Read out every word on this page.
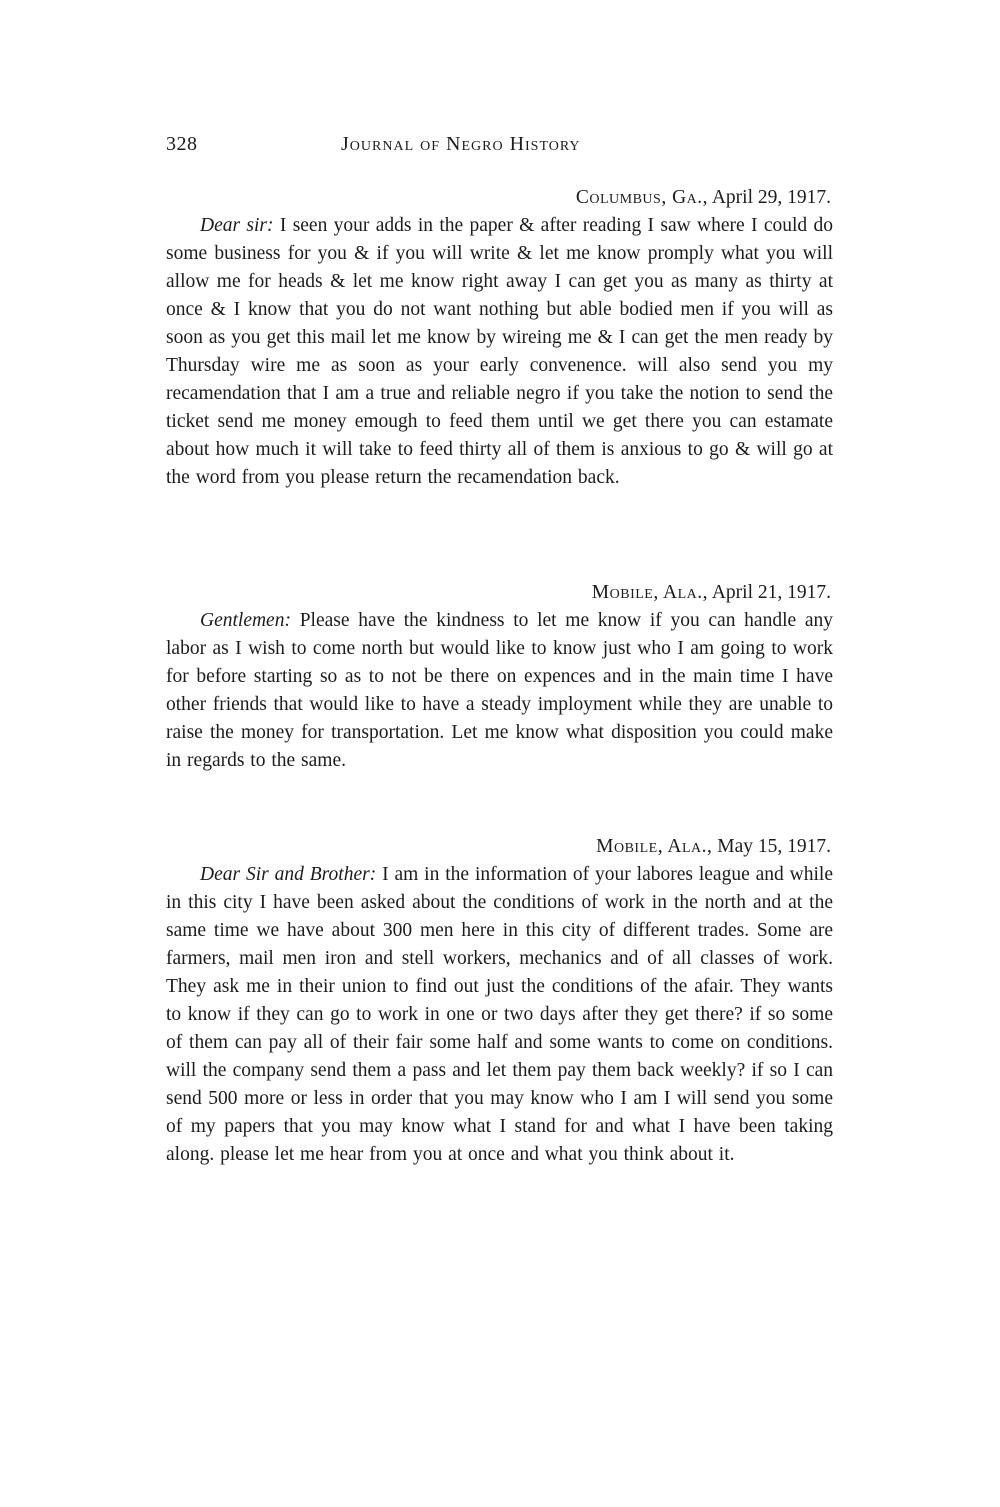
328	Journal of Negro History
Columbus, Ga., April 29, 1917.

Dear sir: I seen your adds in the paper & after reading I saw where I could do some business for you & if you will write & let me know promply what you will allow me for heads & let me know right away I can get you as many as thirty at once & I know that you do not want nothing but able bodied men if you will as soon as you get this mail let me know by wireing me & I can get the men ready by Thursday wire me as soon as your early convenence. will also send you my recamendation that I am a true and reliable negro if you take the notion to send the ticket send me money emough to feed them until we get there you can estamate about how much it will take to feed thirty all of them is anxious to go & will go at the word from you please return the recamendation back.

Mobile, Ala., April 21, 1917.

Gentlemen: Please have the kindness to let me know if you can handle any labor as I wish to come north but would like to know just who I am going to work for before starting so as to not be there on expences and in the main time I have other friends that would like to have a steady imployment while they are unable to raise the money for transportation. Let me know what disposition you could make in regards to the same.

Mobile, Ala., May 15, 1917.

Dear Sir and Brother: I am in the information of your labores league and while in this city I have been asked about the conditions of work in the north and at the same time we have about 300 men here in this city of different trades. Some are farmers, mail men iron and stell workers, mechanics and of all classes of work. They ask me in their union to find out just the conditions of the afair. They wants to know if they can go to work in one or two days after they get there? if so some of them can pay all of their fair some half and some wants to come on conditions. will the company send them a pass and let them pay them back weekly? if so I can send 500 more or less in order that you may know who I am I will send you some of my papers that you may know what I stand for and what I have been taking along. please let me hear from you at once and what you think about it.
